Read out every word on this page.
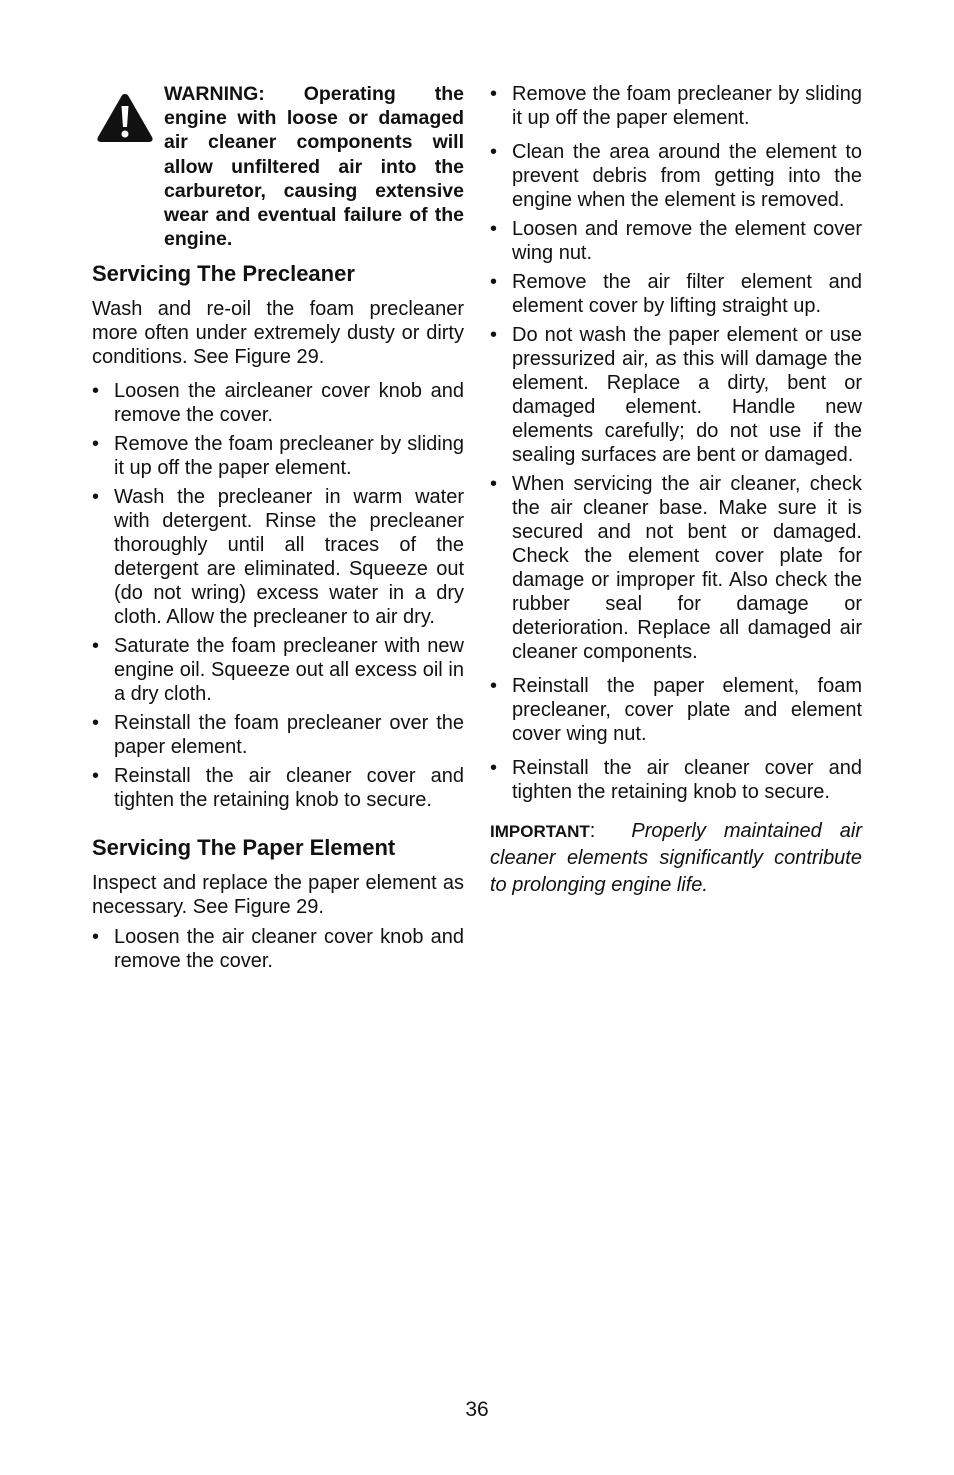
WARNING: Operating the engine with loose or damaged air cleaner components will allow unfiltered air into the carburetor, causing extensive wear and eventual failure of the engine.
Servicing The Precleaner

Wash and re-oil the foam precleaner more often under extremely dusty or dirty conditions. See Figure 29.

• Loosen the aircleaner cover knob and remove the cover.
• Remove the foam precleaner by sliding it up off the paper element.
• Wash the precleaner in warm water with detergent. Rinse the precleaner thoroughly until all traces of the detergent are eliminated. Squeeze out (do not wring) excess water in a dry cloth. Allow the precleaner to air dry.
• Saturate the foam precleaner with new engine oil. Squeeze out all excess oil in a dry cloth.
• Reinstall the foam precleaner over the paper element.
• Reinstall the air cleaner cover and tighten the retaining knob to secure.
Servicing The Paper Element

Inspect and replace the paper element as necessary. See Figure 29.

• Loosen the air cleaner cover knob and remove the cover.
• Remove the foam precleaner by sliding it up off the paper element.
• Clean the area around the element to prevent debris from getting into the engine when the element is removed.
• Loosen and remove the element cover wing nut.
• Remove the air filter element and element cover by lifting straight up.
• Do not wash the paper element or use pressurized air, as this will damage the element. Replace a dirty, bent or damaged element. Handle new elements carefully; do not use if the sealing surfaces are bent or damaged.
• When servicing the air cleaner, check the air cleaner base. Make sure it is secured and not bent or damaged. Check the element cover plate for damage or improper fit. Also check the rubber seal for damage or deterioration. Replace all damaged air cleaner components.
• Reinstall the paper element, foam precleaner, cover plate and element cover wing nut.
• Reinstall the air cleaner cover and tighten the retaining knob to secure.
IMPORTANT: Properly maintained air cleaner elements significantly contribute to prolonging engine life.
36
